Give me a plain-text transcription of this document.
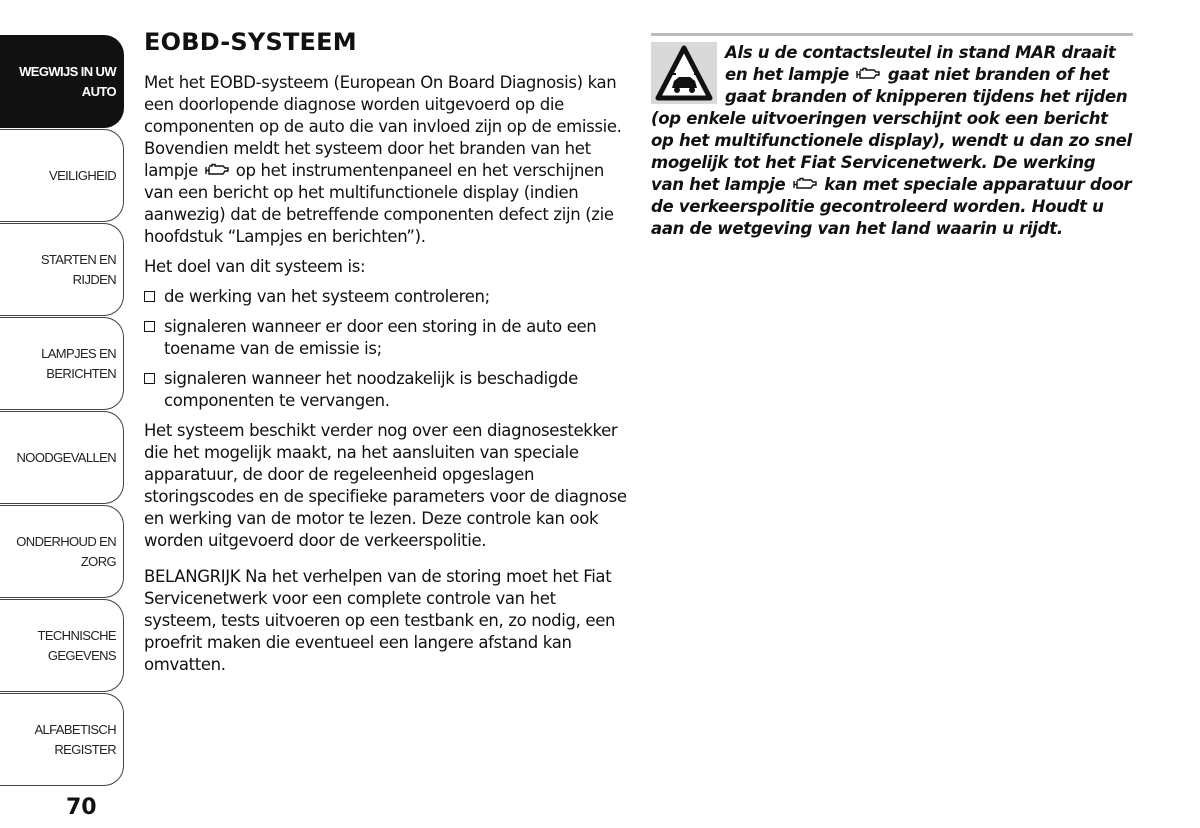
WEGWIJS IN UW
AUTO
VEILIGHEID
STARTEN EN RIJDEN
LAMPJES EN
BERICHTEN
NOODGEVALLEN
ONDERHOUD EN
ZORG
TECHNISCHE
GEGEVENS
ALFABETISCH
REGISTER
70
EOBD-SYSTEEM

Met het EOBD-systeem (European On Board Diagnosis) kan een doorlopende diagnose worden uitgevoerd op die componenten op de auto die van invloed zijn op de emissie. Bovendien meldt het systeem door het branden van het lampje op het instrumentenpaneel en het verschijnen van een bericht op het multifunctionele display (indien aanwezig) dat de betreffende componenten defect zijn (zie hoofdstuk “Lampjes en berichten”).

Het doel van dit systeem is:

de werking van het systeem controleren;
signaleren wanneer er door een storing in de auto een toename van de emissie is;
signaleren wanneer het noodzakelijk is beschadigde componenten te vervangen.

Het systeem beschikt verder nog over een diagnosestekker die het mogelijk maakt, na het aansluiten van speciale apparatuur, de door de regeleenheid opgeslagen storingscodes en de specifieke parameters voor de diagnose en werking van de motor te lezen. Deze controle kan ook worden uitgevoerd door de verkeerspolitie.

BELANGRIJK Na het verhelpen van de storing moet het Fiat Servicenetwerk voor een complete controle van het systeem, tests uitvoeren op een testbank en, zo nodig, een proefrit maken die eventueel een langere afstand kan omvatten.

Als u de contactsleutel in stand MAR draait en het lampje gaat niet branden of het gaat branden of knipperen tijdens het rijden (op enkele uitvoeringen verschijnt ook een bericht op het multifunctionele display), wendt u dan zo snel mogelijk tot het Fiat Servicenetwerk. De werking van het lampje kan met speciale apparatuur door de verkeerspolitie gecontroleerd worden. Houdt u aan de wetgeving van het land waarin u rijdt.
